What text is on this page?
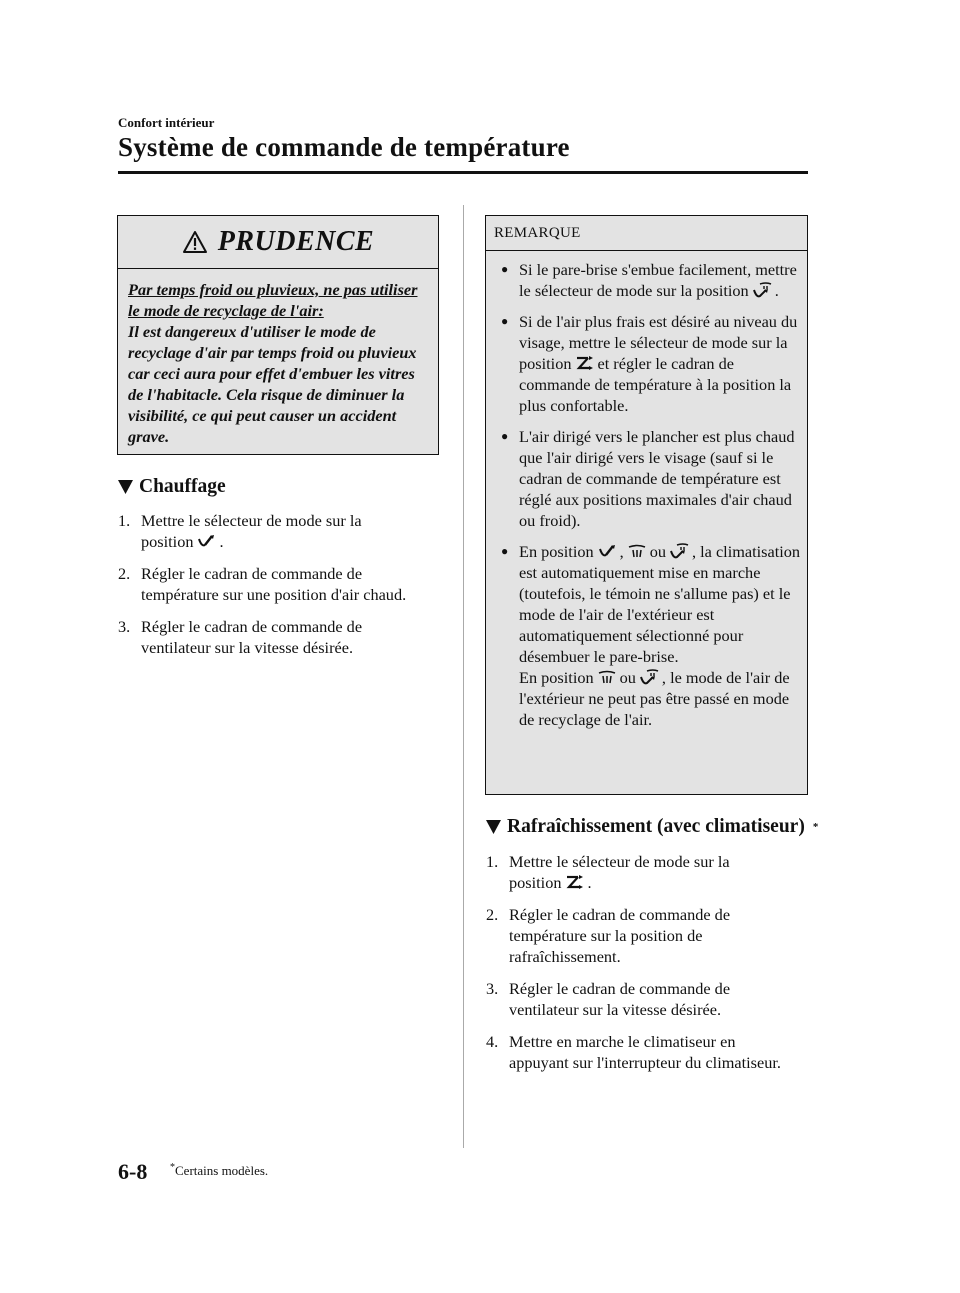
Confort intérieur
Système de commande de température
PRUDENCE
Par temps froid ou pluvieux, ne pas utiliser le mode de recyclage de l'air:
Il est dangereux d'utiliser le mode de recyclage d'air par temps froid ou pluvieux car ceci aura pour effet d'embuer les vitres de l'habitacle. Cela risque de diminuer la visibilité, ce qui peut causer un accident grave.
Chauffage
1. Mettre le sélecteur de mode sur la position .
2. Régler le cadran de commande de température sur une position d'air chaud.
3. Régler le cadran de commande de ventilateur sur la vitesse désirée.
REMARQUE
● Si le pare-brise s'embue facilement, mettre le sélecteur de mode sur la position .
● Si de l'air plus frais est désiré au niveau du visage, mettre le sélecteur de mode sur la position et régler le cadran de commande de température à la position la plus confortable.
● L'air dirigé vers le plancher est plus chaud que l'air dirigé vers le visage (sauf si le cadran de commande de température est réglé aux positions maximales d'air chaud ou froid).
● En position , ou , la climatisation est automatiquement mise en marche (toutefois, le témoin ne s'allume pas) et le mode de l'air de l'extérieur est automatiquement sélectionné pour désembuer le pare-brise.
En position ou , le mode de l'air de l'extérieur ne peut pas être passé en mode de recyclage de l'air.
Rafraîchissement (avec climatiseur) *
1. Mettre le sélecteur de mode sur la position .
2. Régler le cadran de commande de température sur la position de rafraîchissement.
3. Régler le cadran de commande de ventilateur sur la vitesse désirée.
4. Mettre en marche le climatiseur en appuyant sur l'interrupteur du climatiseur.
6-8 *Certains modèles.
